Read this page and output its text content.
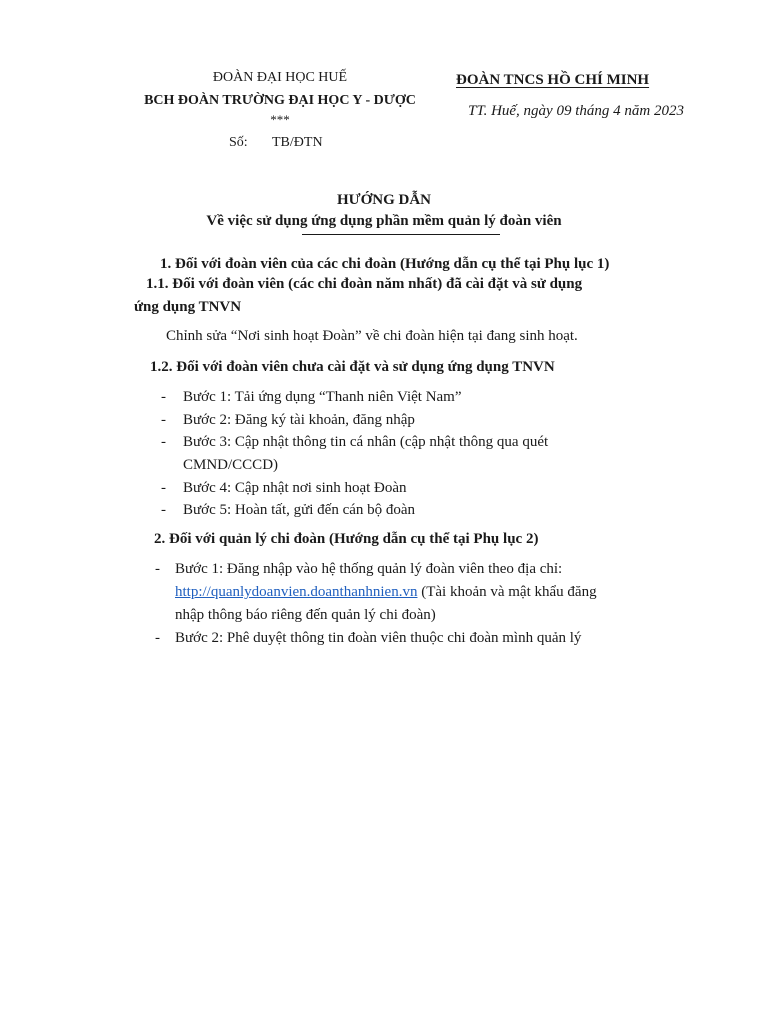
ĐOÀN ĐẠI HỌC HUẾ
BCH ĐOÀN TRƯỜNG ĐẠI HỌC Y - DƯỢC
***
Số: TB/ĐTN
ĐOÀN TNCS HỒ CHÍ MINH
TT. Huế, ngày 09 tháng 4 năm 2023
HƯỚNG DẪN
Về việc sử dụng ứng dụng phần mềm quản lý đoàn viên
1. Đối với đoàn viên của các chi đoàn (Hướng dẫn cụ thể tại Phụ lục 1)
1.1. Đối với đoàn viên (các chi đoàn năm nhất) đã cài đặt và sử dụng
ứng dụng TNVN
Chỉnh sửa “Nơi sinh hoạt Đoàn” về chi đoàn hiện tại đang sinh hoạt.
1.2. Đối với đoàn viên chưa cài đặt và sử dụng ứng dụng TNVN
- Bước 1: Tải ứng dụng “Thanh niên Việt Nam”
- Bước 2: Đăng ký tài khoản, đăng nhập
- Bước 3: Cập nhật thông tin cá nhân (cập nhật thông qua quét
CMND/CCCD)
- Bước 4: Cập nhật nơi sinh hoạt Đoàn
- Bước 5: Hoàn tất, gửi đến cán bộ đoàn
2. Đối với quản lý chi đoàn (Hướng dẫn cụ thể tại Phụ lục 2)
- Bước 1: Đăng nhập vào hệ thống quản lý đoàn viên theo địa chỉ:
http://quanlydoanvien.doanthanhnien.vn (Tài khoản và mật khẩu đăng
nhập thông báo riêng đến quản lý chi đoàn)
- Bước 2: Phê duyệt thông tin đoàn viên thuộc chi đoàn mình quản lý
